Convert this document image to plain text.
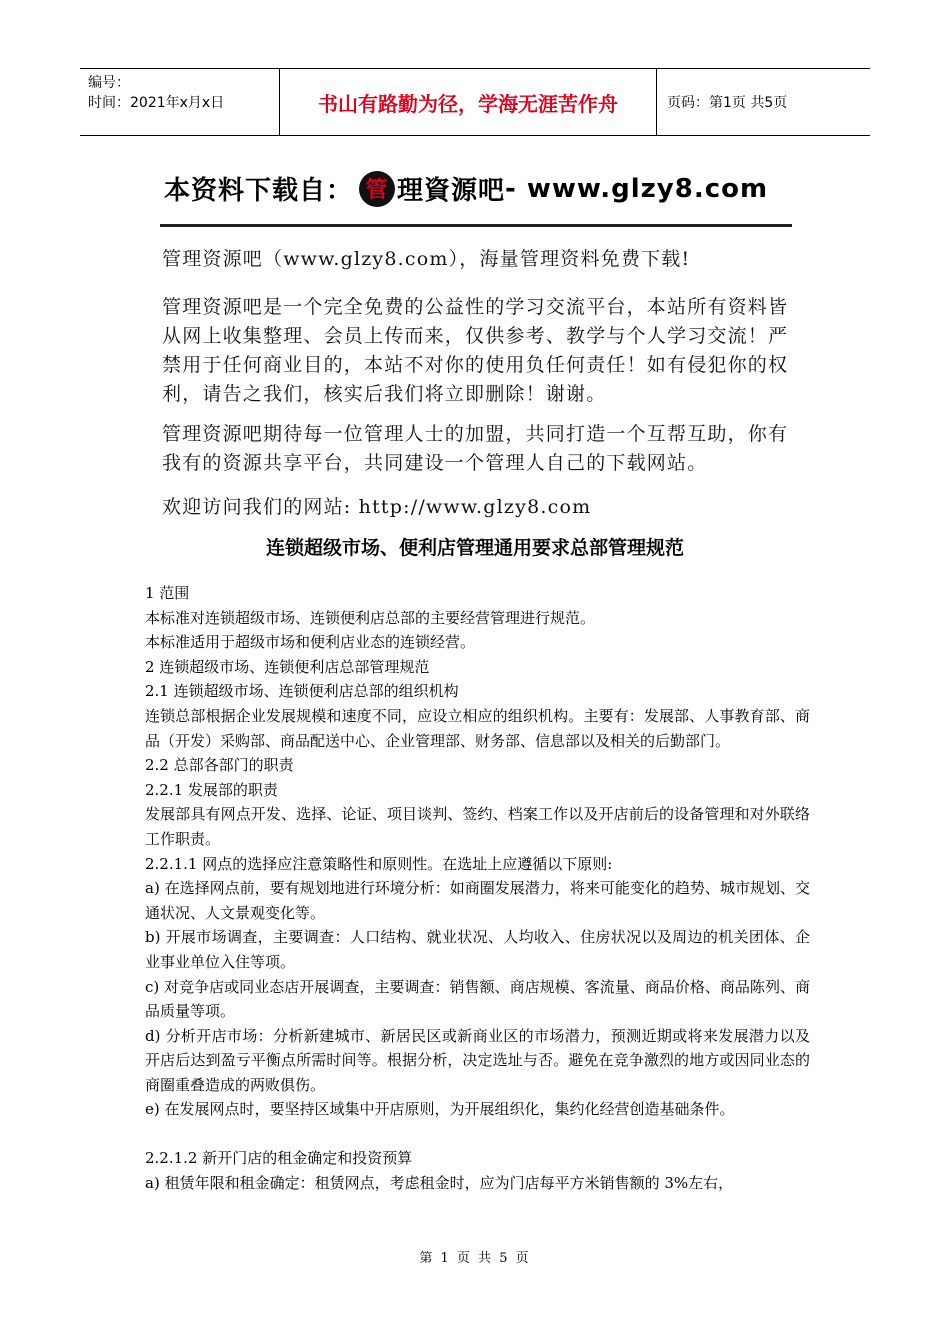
编号：
时间：2021年x月x日	书山有路勤为径，学海无涯苦作舟	页码：第1页 共5页
本资料下载自： 管 理資源吧 - www.glzy8.com

管理资源吧（www.glzy8.com），海量管理资料免费下载!

管理资源吧是一个完全免费的公益性的学习交流平台，本站所有资料皆从网上收集整理、会员上传而来，仅供参考、教学与个人学习交流！严禁用于任何商业目的，本站不对你的使用负任何责任！如有侵犯你的权利，请告之我们，核实后我们将立即删除！谢谢。

管理资源吧期待每一位管理人士的加盟，共同打造一个互帮互助，你有我有的资源共享平台，共同建设一个管理人自己的下载网站。

欢迎访问我们的网站: http://www.glzy8.com

连锁超级市场、便利店管理通用要求总部管理规范

1 范围

本标准对连锁超级市场、连锁便利店总部的主要经营管理进行规范。

本标准适用于超级市场和便利店业态的连锁经营。

2 连锁超级市场、连锁便利店总部管理规范

2.1 连锁超级市场、连锁便利店总部的组织机构

连锁总部根据企业发展规模和速度不同，应设立相应的组织机构。主要有：发展部、人事教育部、商品（开发）采购部、商品配送中心、企业管理部、财务部、信息部以及相关的后勤部门。

2.2 总部各部门的职责

2.2.1 发展部的职责

发展部具有网点开发、选择、论证、项目谈判、签约、档案工作以及开店前后的设备管理和对外联络工作职责。

2.2.1.1 网点的选择应注意策略性和原则性。在选址上应遵循以下原则:

a) 在选择网点前，要有规划地进行环境分析：如商圈发展潜力，将来可能变化的趋势、城市规划、交通状况、人文景观变化等。

b) 开展市场调查，主要调查：人口结构、就业状况、人均收入、住房状况以及周边的机关团体、企业事业单位入住等项。

c) 对竞争店或同业态店开展调查，主要调查：销售额、商店规模、客流量、商品价格、商品陈列、商品质量等项。

d) 分析开店市场：分析新建城市、新居民区或新商业区的市场潜力，预测近期或将来发展潜力以及开店后达到盈亏平衡点所需时间等。根据分析，决定选址与否。避免在竞争激烈的地方或因同业态的商圈重叠造成的两败俱伤。

e) 在发展网点时，要坚持区域集中开店原则，为开展组织化，集约化经营创造基础条件。

2.2.1.2 新开门店的租金确定和投资预算

a) 租赁年限和租金确定：租赁网点，考虑租金时，应为门店每平方米销售额的 3%左右，

第 1 页 共 5 页
